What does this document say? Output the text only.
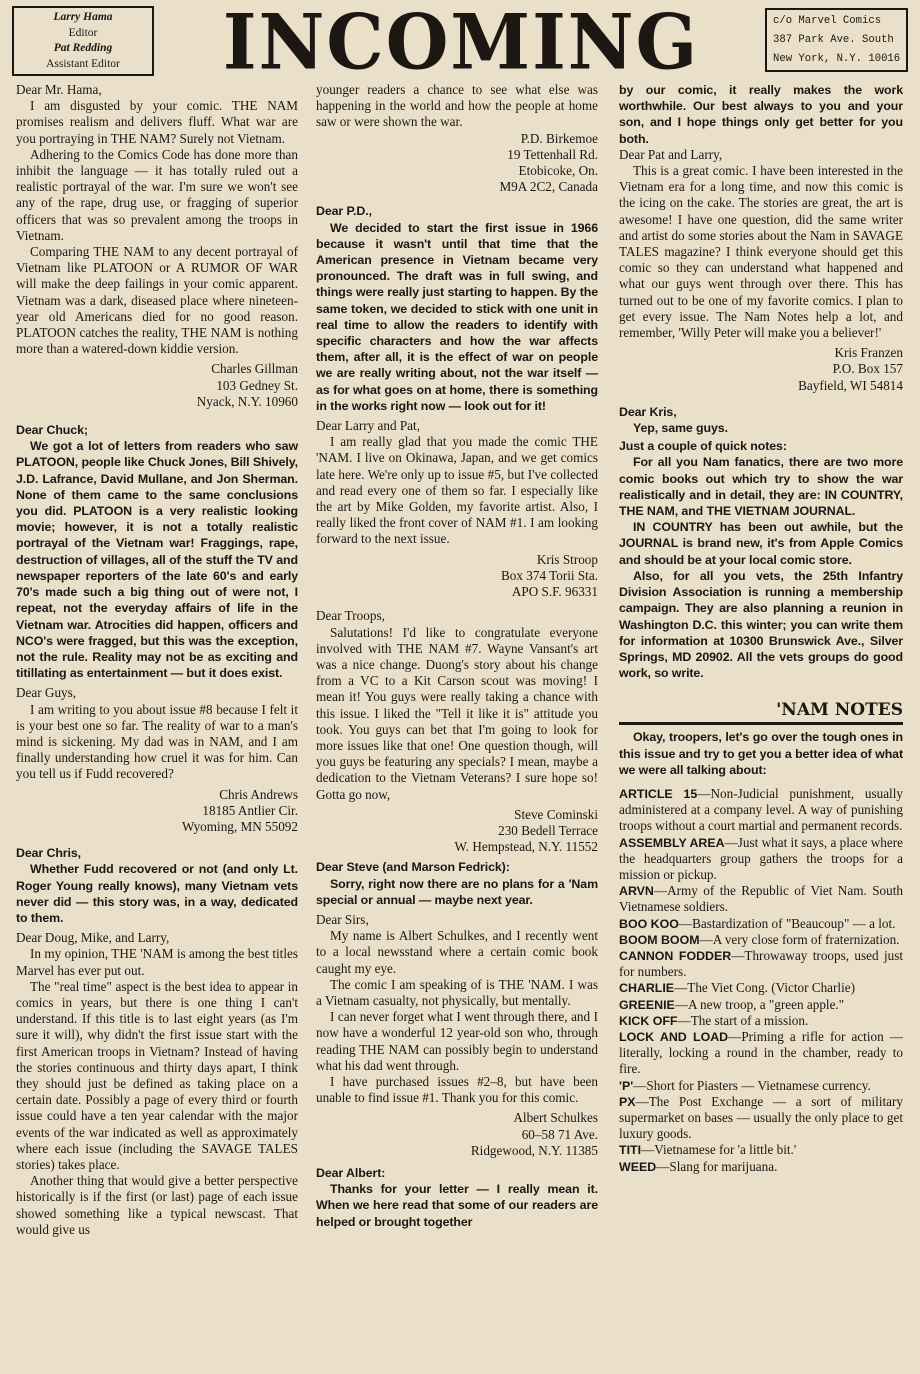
Larry Hama
Editor
Pat Redding
Assistant Editor	INCOMING	c/o Marvel Comics
387 Park Ave. South
New York, N.Y. 10016

Dear Mr. Hama,

I am disgusted by your comic. THE NAM promises realism and delivers fluff. What war are you portraying in THE NAM? Surely not Vietnam.

Adhering to the Comics Code has done more than inhibit the language — it has totally ruled out a realistic portrayal of the war. I'm sure we won't see any of the rape, drug use, or fragging of superior officers that was so prevalent among the troops in Vietnam.

Comparing THE NAM to any decent portrayal of Vietnam like PLATOON or A RUMOR OF WAR will make the deep failings in your comic apparent. Vietnam was a dark, diseased place where nineteen-year old Americans died for no good reason. PLATOON catches the reality, THE NAM is nothing more than a watered-down kiddie version.

Charles Gillman

103 Gedney St.

Nyack, N.Y. 10960

Dear Chuck;

We got a lot of letters from readers who saw PLATOON, people like Chuck Jones, Bill Shively, J.D. Lafrance, David Mullane, and Jon Sherman. None of them came to the same conclusions you did. PLATOON is a very realistic looking movie; however, it is not a totally realistic portrayal of the Vietnam war! Fraggings, rape, destruction of villages, all of the stuff the TV and newspaper reporters of the late 60's and early 70's made such a big thing out of were not, I repeat, not the everyday affairs of life in the Vietnam war. Atrocities did happen, officers and NCO's were fragged, but this was the exception, not the rule. Reality may not be as exciting and titillating as entertainment — but it does exist.

Dear Guys,

I am writing to you about issue #8 because I felt it is your best one so far. The reality of war to a man's mind is sickening. My dad was in NAM, and I am finally understanding how cruel it was for him. Can you tell us if Fudd recovered?

Chris Andrews

18185 Antlier Cir.

Wyoming, MN 55092

Dear Chris,

Whether Fudd recovered or not (and only Lt. Roger Young really knows), many Vietnam vets never did — this story was, in a way, dedicated to them.

Dear Doug, Mike, and Larry,

In my opinion, THE 'NAM is among the best titles Marvel has ever put out.

The "real time" aspect is the best idea to appear in comics in years, but there is one thing I can't understand. If this title is to last eight years (as I'm sure it will), why didn't the first issue start with the first American troops in Vietnam? Instead of having the stories continuous and thirty days apart, I think they should just be defined as taking place on a certain date. Possibly a page of every third or fourth issue could have a ten year calendar with the major events of the war indicated as well as approximately where each issue (including the SAVAGE TALES stories) takes place.

Another thing that would give a better perspective historically is if the first (or last) page of each issue showed something like a typical newscast. That would give us

younger readers a chance to see what else was happening in the world and how the people at home saw or were shown the war.

P.D. Birkemoe

19 Tettenhall Rd.

Etobicoke, On.

M9A 2C2, Canada

Dear P.D.,

We decided to start the first issue in 1966 because it wasn't until that time that the American presence in Vietnam became very pronounced. The draft was in full swing, and things were really just starting to happen. By the same token, we decided to stick with one unit in real time to allow the readers to identify with specific characters and how the war affects them, after all, it is the effect of war on people we are really writing about, not the war itself — as for what goes on at home, there is something in the works right now — look out for it!

Dear Larry and Pat,

I am really glad that you made the comic THE 'NAM. I live on Okinawa, Japan, and we get comics late here. We're only up to issue #5, but I've collected and read every one of them so far. I especially like the art by Mike Golden, my favorite artist. Also, I really liked the front cover of NAM #1. I am looking forward to the next issue.

Kris Stroop

Box 374 Torii Sta.

APO S.F. 96331

Dear Troops,

Salutations! I'd like to congratulate everyone involved with THE NAM #7. Wayne Vansant's art was a nice change. Duong's story about his change from a VC to a Kit Carson scout was moving! I mean it! You guys were really taking a chance with this issue. I liked the "Tell it like it is" attitude you took. You guys can bet that I'm going to look for more issues like that one! One question though, will you guys be featuring any specials? I mean, maybe a dedication to the Vietnam Veterans? I sure hope so! Gotta go now,

Steve Cominski

230 Bedell Terrace

W. Hempstead, N.Y. 11552

Dear Steve (and Marson Fedrick):

Sorry, right now there are no plans for a 'Nam special or annual — maybe next year.

Dear Sirs,

My name is Albert Schulkes, and I recently went to a local newsstand where a certain comic book caught my eye.

The comic I am speaking of is THE 'NAM. I was a Vietnam casualty, not physically, but mentally.

I can never forget what I went through there, and I now have a wonderful 12 year-old son who, through reading THE NAM can possibly begin to understand what his dad went through.

I have purchased issues #2–8, but have been unable to find issue #1. Thank you for this comic.

Albert Schulkes

60–58 71 Ave.

Ridgewood, N.Y. 11385

Dear Albert:

Thanks for your letter — I really mean it. When we here read that some of our readers are helped or brought together

by our comic, it really makes the work worthwhile. Our best always to you and your son, and I hope things only get better for you both.

Dear Pat and Larry,

This is a great comic. I have been interested in the Vietnam era for a long time, and now this comic is the icing on the cake. The stories are great, the art is awesome! I have one question, did the same writer and artist do some stories about the Nam in SAVAGE TALES magazine? I think everyone should get this comic so they can understand what happened and what our guys went through over there. This has turned out to be one of my favorite comics. I plan to get every issue. The Nam Notes help a lot, and remember, 'Willy Peter will make you a believer!'

Kris Franzen

P.O. Box 157

Bayfield, WI 54814

Dear Kris,

Yep, same guys.

Just a couple of quick notes:

For all you Nam fanatics, there are two more comic books out which try to show the war realistically and in detail, they are: IN COUNTRY, THE NAM, and THE VIETNAM JOURNAL.

IN COUNTRY has been out awhile, but the JOURNAL is brand new, it's from Apple Comics and should be at your local comic store.

Also, for all you vets, the 25th Infantry Division Association is running a membership campaign. They are also planning a reunion in Washington D.C. this winter; you can write them for information at 10300 Brunswick Ave., Silver Springs, MD 20902. All the vets groups do good work, so write.

'NAM NOTES

Okay, troopers, let's go over the tough ones in this issue and try to get you a better idea of what we were all talking about:

ARTICLE 15—Non-Judicial punishment, usually administered at a company level. A way of punishing troops without a court martial and permanent records.

ASSEMBLY AREA—Just what it says, a place where the headquarters group gathers the troops for a mission or pickup.

ARVN—Army of the Republic of Viet Nam. South Vietnamese soldiers.

BOO KOO—Bastardization of "Beaucoup" — a lot.

BOOM BOOM—A very close form of fraternization.

CANNON FODDER—Throwaway troops, used just for numbers.

CHARLIE—The Viet Cong. (Victor Charlie)

GREENIE—A new troop, a "green apple."

KICK OFF—The start of a mission.

LOCK AND LOAD—Priming a rifle for action — literally, locking a round in the chamber, ready to fire.

'P'—Short for Piasters — Vietnamese currency.

PX—The Post Exchange — a sort of military supermarket on bases — usually the only place to get luxury goods.

TITI—Vietnamese for 'a little bit.'

WEED—Slang for marijuana.
